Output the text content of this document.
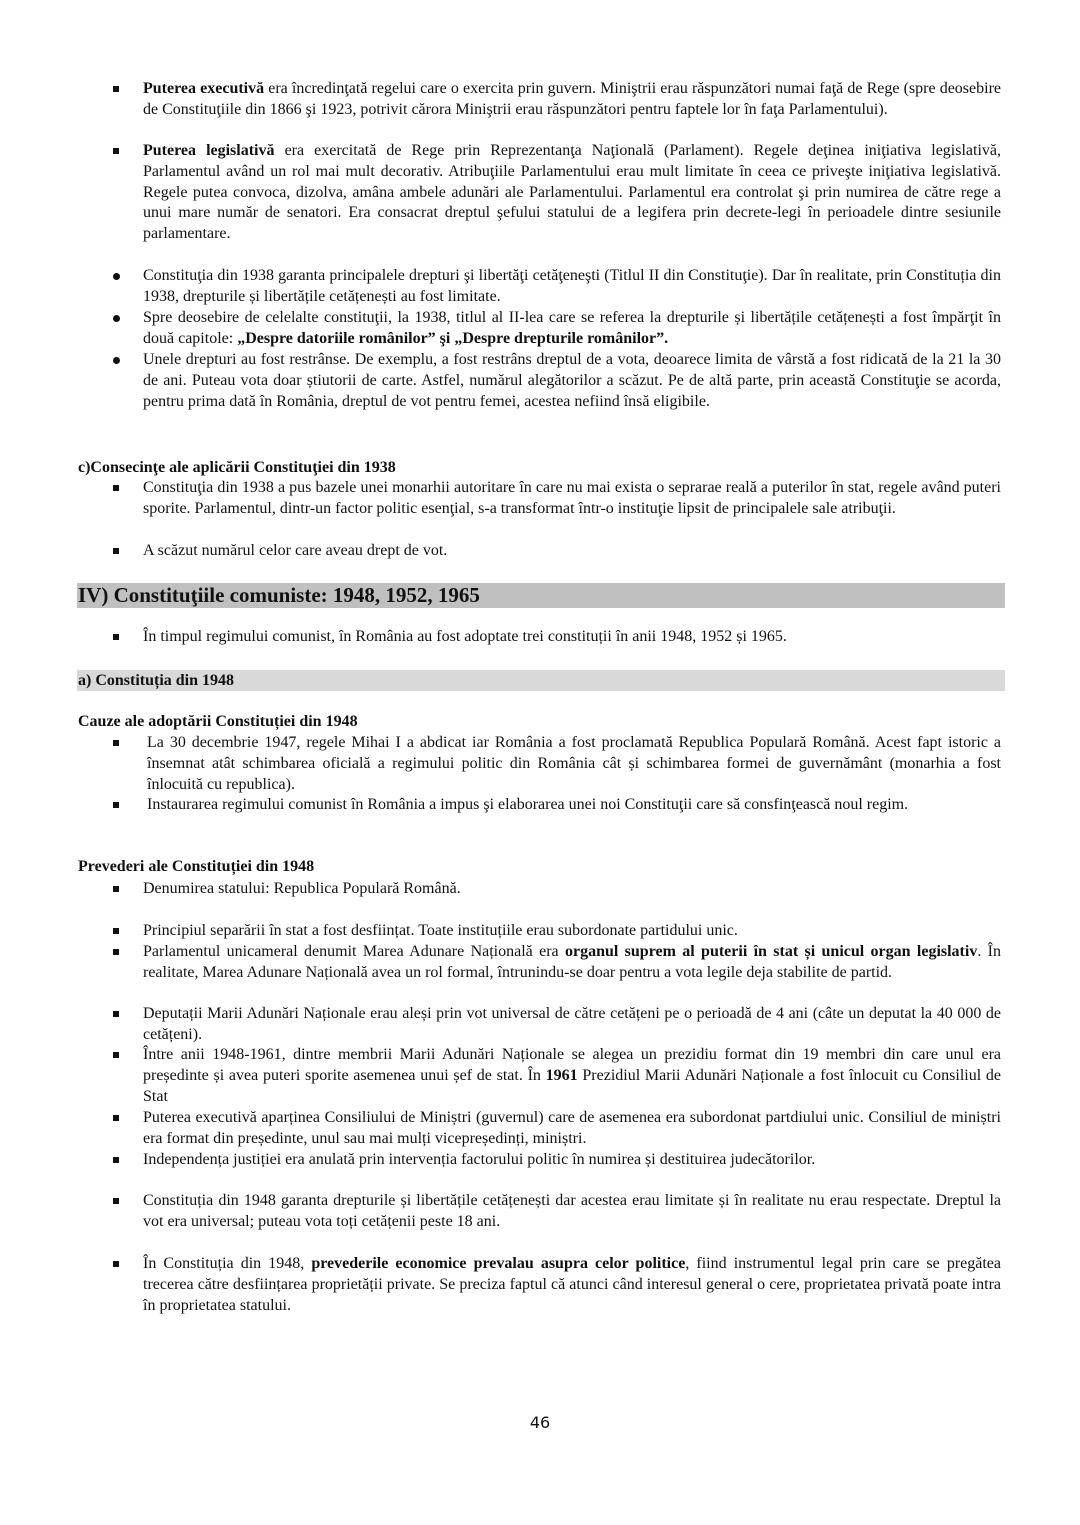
Puterea executivă era încredinţată regelui care o exercita prin guvern. Miniştrii erau răspunzători numai faţă de Rege (spre deosebire de Constituţiile din 1866 şi 1923, potrivit cărora Miniştrii erau răspunzători pentru faptele lor în faţa Parlamentului).
Puterea legislativă era exercitată de Rege prin Reprezentanţa Naţională (Parlament). Regele deţinea iniţiativa legislativă, Parlamentul având un rol mai mult decorativ. Atribuţiile Parlamentului erau mult limitate în ceea ce priveşte iniţiativa legislativă. Regele putea convoca, dizolva, amâna ambele adunări ale Parlamentului. Parlamentul era controlat şi prin numirea de către rege a unui mare număr de senatori. Era consacrat dreptul şefului statului de a legifera prin decrete-legi în perioadele dintre sesiunile parlamentare.
Constituţia din 1938 garanta principalele drepturi şi libertăţi cetăţeneşti (Titlul II din Constituţie). Dar în realitate, prin Constituția din 1938, drepturile și libertățile cetățenești au fost limitate.
Spre deosebire de celelalte constituţii, la 1938, titlul al II-lea care se referea la drepturile și libertățile cetățenești a fost împărţit în două capitole: „Despre datoriile românilor” şi „Despre drepturile românilor”.
Unele drepturi au fost restrânse. De exemplu, a fost restrâns dreptul de a vota, deoarece limita de vârstă a fost ridicată de la 21 la 30 de ani. Puteau vota doar știutorii de carte. Astfel, numărul alegătorilor a scăzut. Pe de altă parte, prin această Constituţie se acorda, pentru prima dată în România, dreptul de vot pentru femei, acestea nefiind însă eligibile.
c)Consecinţe ale aplicării Constituţiei din 1938
Constituţia din 1938 a pus bazele unei monarhii autoritare în care nu mai exista o seprarae reală a puterilor în stat, regele având puteri sporite. Parlamentul, dintr-un factor politic esenţial, s-a transformat într-o instituţie lipsit de principalele sale atribuţii.
A scăzut numărul celor care aveau drept de vot.
IV) Constituţiile comuniste: 1948, 1952, 1965
În timpul regimului comunist, în România au fost adoptate trei constituții în anii 1948, 1952 și 1965.
a) Constituția din 1948
Cauze ale adoptării Constituției din 1948
La 30 decembrie 1947, regele Mihai I a abdicat iar România a fost proclamată Republica Populară Română. Acest fapt istoric a însemnat atât schimbarea oficială a regimului politic din România cât și schimbarea formei de guvernământ (monarhia a fost înlocuită cu republica).
Instaurarea regimului comunist în România a impus şi elaborarea unei noi Constituţii care să consfinţească noul regim.
Prevederi ale Constituției din 1948
Denumirea statului: Republica Populară Română.
Principiul separării în stat a fost desființat. Toate instituțiile erau subordonate partidului unic.
Parlamentul unicameral denumit Marea Adunare Națională era organul suprem al puterii în stat și unicul organ legislativ. În realitate, Marea Adunare Națională avea un rol formal, întrunindu-se doar pentru a vota legile deja stabilite de partid.
Deputații Marii Adunări Naționale erau aleși prin vot universal de către cetățeni pe o perioadă de 4 ani (câte un deputat la 40 000 de cetățeni).
Între anii 1948-1961, dintre membrii Marii Adunări Naționale se alegea un prezidiu format din 19 membri din care unul era președinte și avea puteri sporite asemenea unui șef de stat. În 1961 Prezidiul Marii Adunări Naționale a fost înlocuit cu Consiliul de Stat
Puterea executivă aparținea Consiliului de Miniștri (guvernul) care de asemenea era subordonat partdiului unic. Consiliul de miniștri era format din președinte, unul sau mai mulți vicepreședinți, miniștri.
Independența justiției era anulată prin intervenția factorului politic în numirea și destituirea judecătorilor.
Constituția din 1948 garanta drepturile și libertățile cetățenești dar acestea erau limitate și în realitate nu erau respectate. Dreptul la vot era universal; puteau vota toți cetățenii peste 18 ani.
În Constituția din 1948, prevederile economice prevalau asupra celor politice, fiind instrumentul legal prin care se pregătea trecerea către desființarea proprietății private. Se preciza faptul că atunci când interesul general o cere, proprietatea privată poate intra în proprietatea statului.
46
